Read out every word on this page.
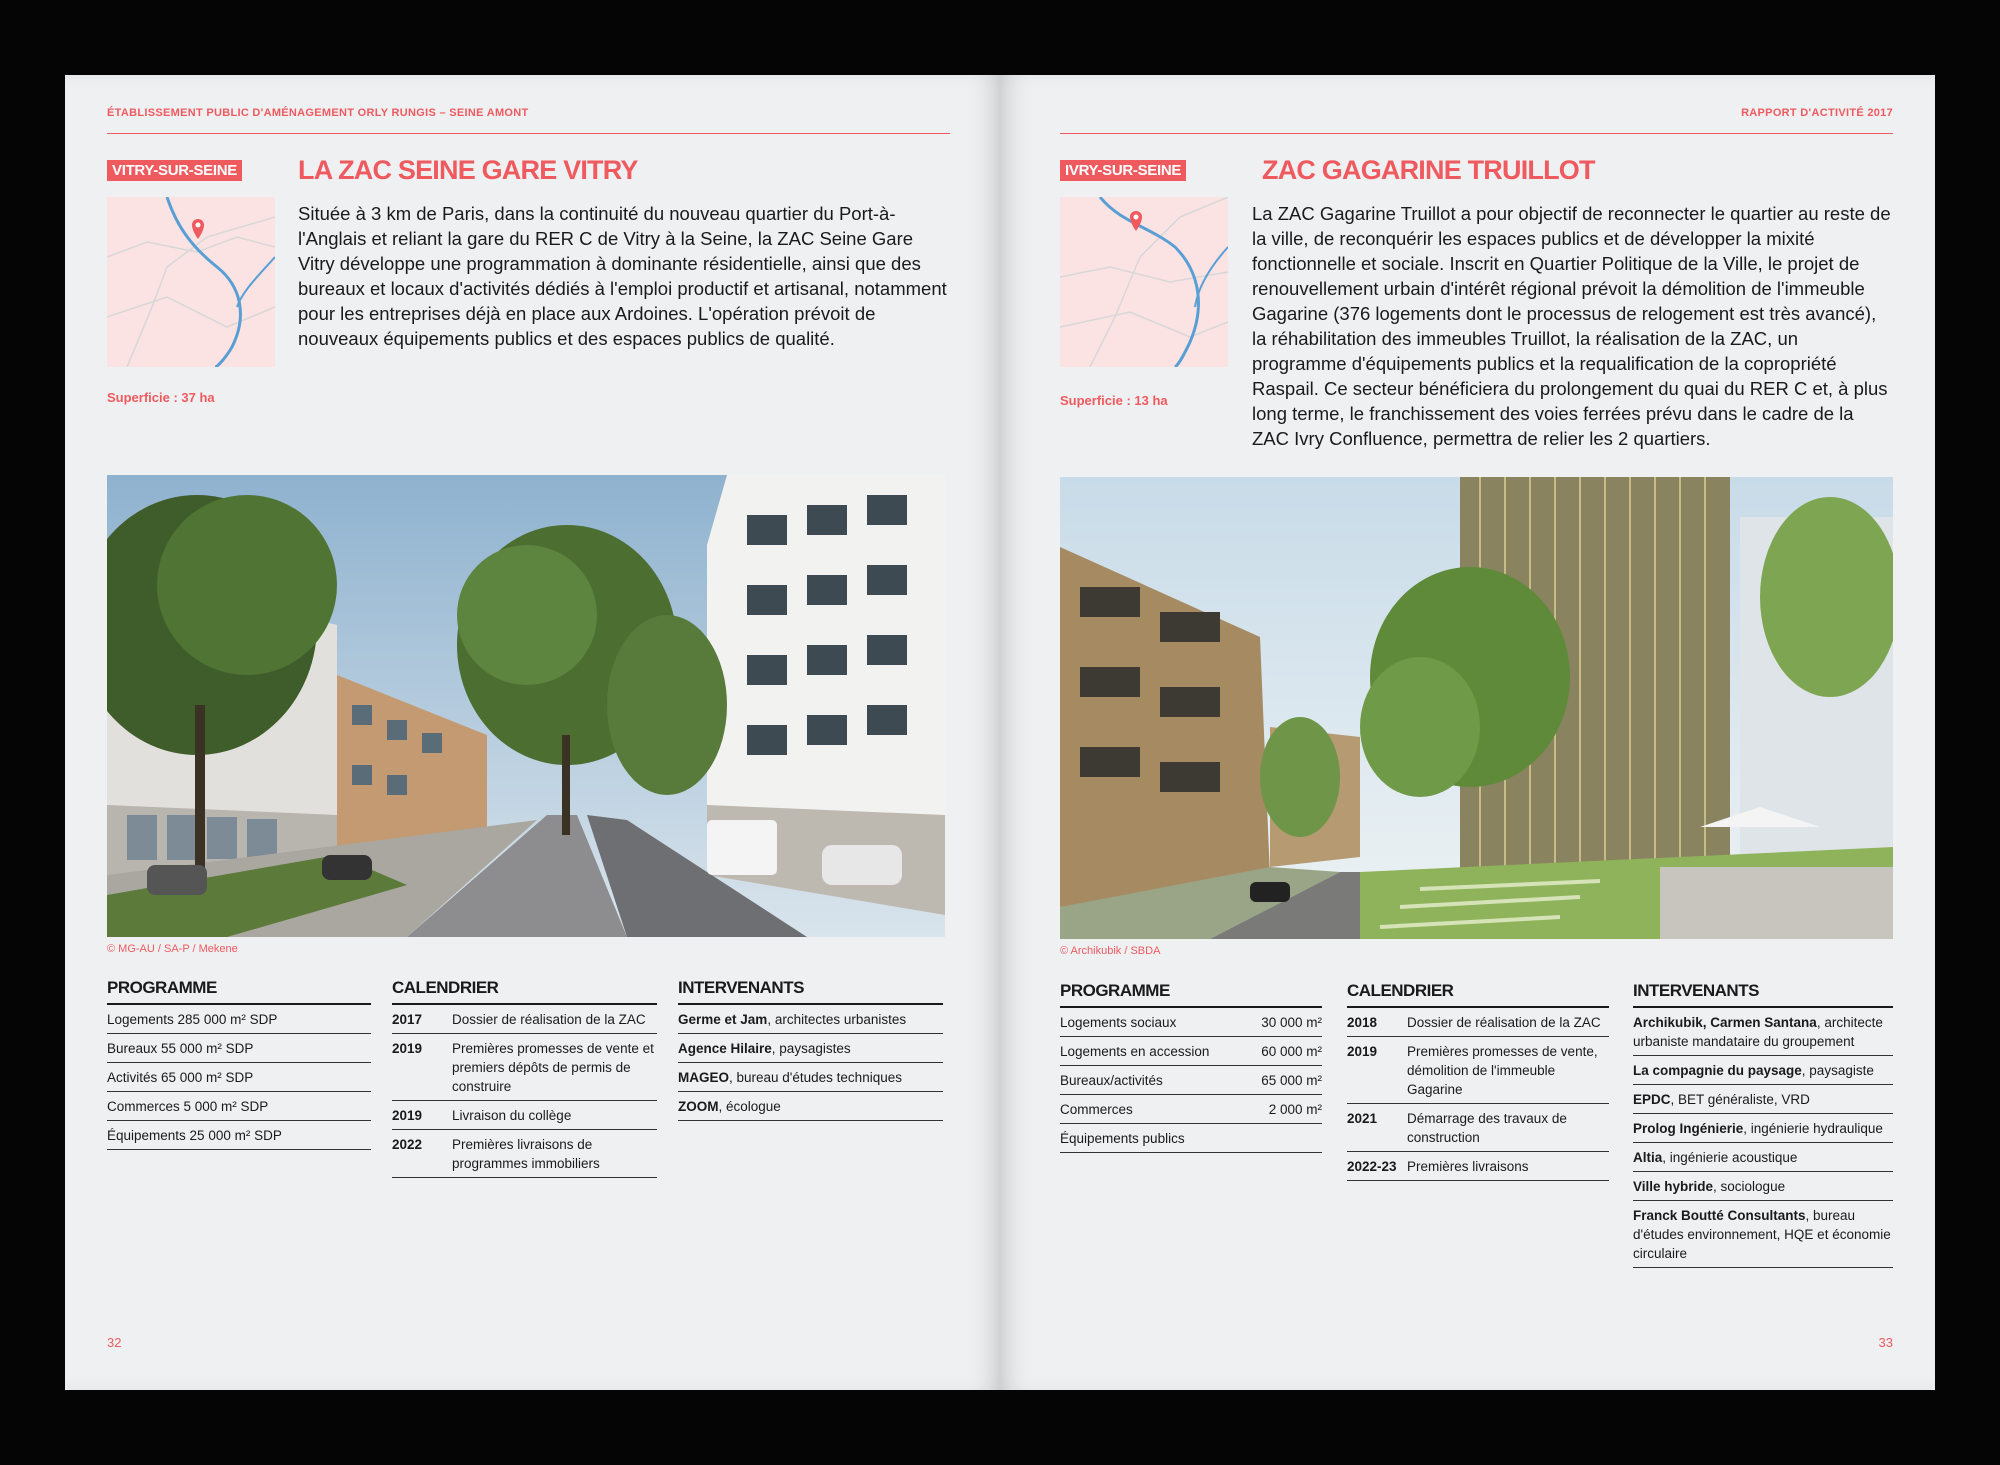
ÉTABLISSEMENT PUBLIC D'AMÉNAGEMENT ORLY RUNGIS – SEINE AMONT
VITRY-SUR-SEINE
Superficie : 37 ha
LA ZAC SEINE GARE VITRY
Située à 3 km de Paris, dans la continuité du nouveau quartier du Port-à-l'Anglais et reliant la gare du RER C de Vitry à la Seine, la ZAC Seine Gare Vitry développe une programmation à dominante résidentielle, ainsi que des bureaux et locaux d'activités dédiés à l'emploi productif et artisanal, notamment pour les entreprises déjà en place aux Ardoines. L'opération prévoit de nouveaux équipements publics et des espaces publics de qualité.
© MG-AU / SA-P / Mekene
PROGRAMME
Logements 285 000 m² SDP
Bureaux 55 000 m² SDP
Activités 65 000 m² SDP
Commerces 5 000 m² SDP
Équipements 25 000 m² SDP
CALENDRIER
2017	Dossier de réalisation de la ZAC
2019	Premières promesses de vente et premiers dépôts de permis de construire
2019	Livraison du collège
2022	Premières livraisons de programmes immobiliers
INTERVENANTS
Germe et Jam, architectes urbanistes
Agence Hilaire, paysagistes
MAGEO, bureau d'études techniques
ZOOM, écologue
32
RAPPORT D'ACTIVITÉ 2017
IVRY-SUR-SEINE
Superficie : 13 ha
ZAC GAGARINE TRUILLOT
La ZAC Gagarine Truillot a pour objectif de reconnecter le quartier au reste de la ville, de reconquérir les espaces publics et de développer la mixité fonctionnelle et sociale. Inscrit en Quartier Politique de la Ville, le projet de renouvellement urbain d'intérêt régional prévoit la démolition de l'immeuble Gagarine (376 logements dont le processus de relogement est très avancé), la réhabilitation des immeubles Truillot, la réalisation de la ZAC, un programme d'équipements publics et la requalification de la copropriété Raspail. Ce secteur bénéficiera du prolongement du quai du RER C et, à plus long terme, le franchissement des voies ferrées prévu dans le cadre de la ZAC Ivry Confluence, permettra de relier les 2 quartiers.
© Archikubik / SBDA
PROGRAMME
Logements sociaux	30 000 m²
Logements en accession	60 000 m²
Bureaux/activités	65 000 m²
Commerces	2 000 m²
Équipements publics
CALENDRIER
2018	Dossier de réalisation de la ZAC
2019	Premières promesses de vente, démolition de l'immeuble Gagarine
2021	Démarrage des travaux de construction
2022-23 Premières livraisons
INTERVENANTS
Archikubik, Carmen Santana, architecte urbaniste mandataire du groupement
La compagnie du paysage, paysagiste
EPDC, BET généraliste, VRD
Prolog Ingénierie, ingénierie hydraulique
Altia, ingénierie acoustique
Ville hybride, sociologue
Franck Boutté Consultants, bureau d'études environnement, HQE et économie circulaire
33
